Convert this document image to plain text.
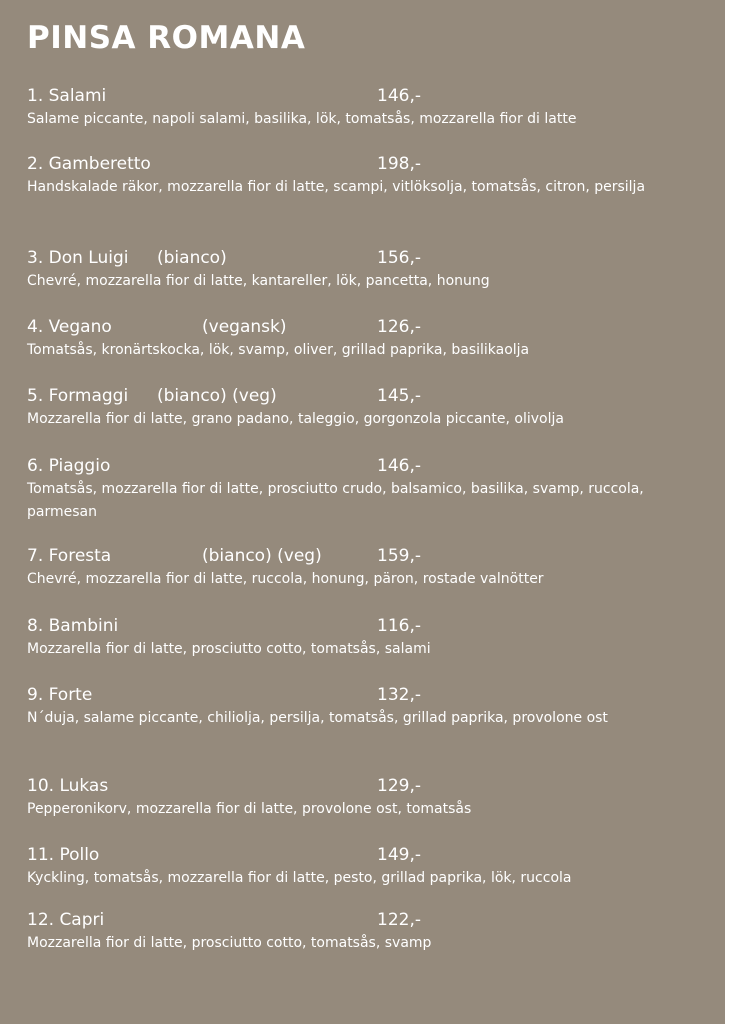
PINSA ROMANA
1. Salami	146,-

Salame piccante, napoli salami, basilika, lök, tomatsås, mozzarella fior di latte

2. Gamberetto	198,-

Handskalade räkor, mozzarella fior di latte, scampi, vitlöksolja, tomatsås, citron, persilja

3. Don Luigi (bianco)	156,-

Chevré, mozzarella fior di latte, kantareller, lök, pancetta, honung

4. Vegano	(vegansk)	126,-

Tomatsås, kronärtskocka, lök, svamp, oliver, grillad paprika, basilikaolja

5. Formaggi (bianco) (veg)	145,-

Mozzarella fior di latte, grano padano, taleggio, gorgonzola piccante, olivolja

6. Piaggio	146,-

Tomatsås, mozzarella fior di latte, prosciutto crudo, balsamico, basilika, svamp, ruccola, parmesan

7. Foresta	(bianco) (veg)	159,-

Chevré, mozzarella fior di latte, ruccola, honung, päron, rostade valnötter

8. Bambini	116,-

Mozzarella fior di latte, prosciutto cotto, tomatsås, salami

9. Forte	132,-

N´duja, salame piccante, chiliolja, persilja, tomatsås, grillad paprika, provolone ost

10. Lukas	129,-

Pepperonikorv, mozzarella fior di latte, provolone ost, tomatsås

11. Pollo	149,-

Kyckling, tomatsås, mozzarella fior di latte, pesto, grillad paprika, lök, ruccola

12. Capri	122,-

Mozzarella fior di latte, prosciutto cotto, tomatsås, svamp
